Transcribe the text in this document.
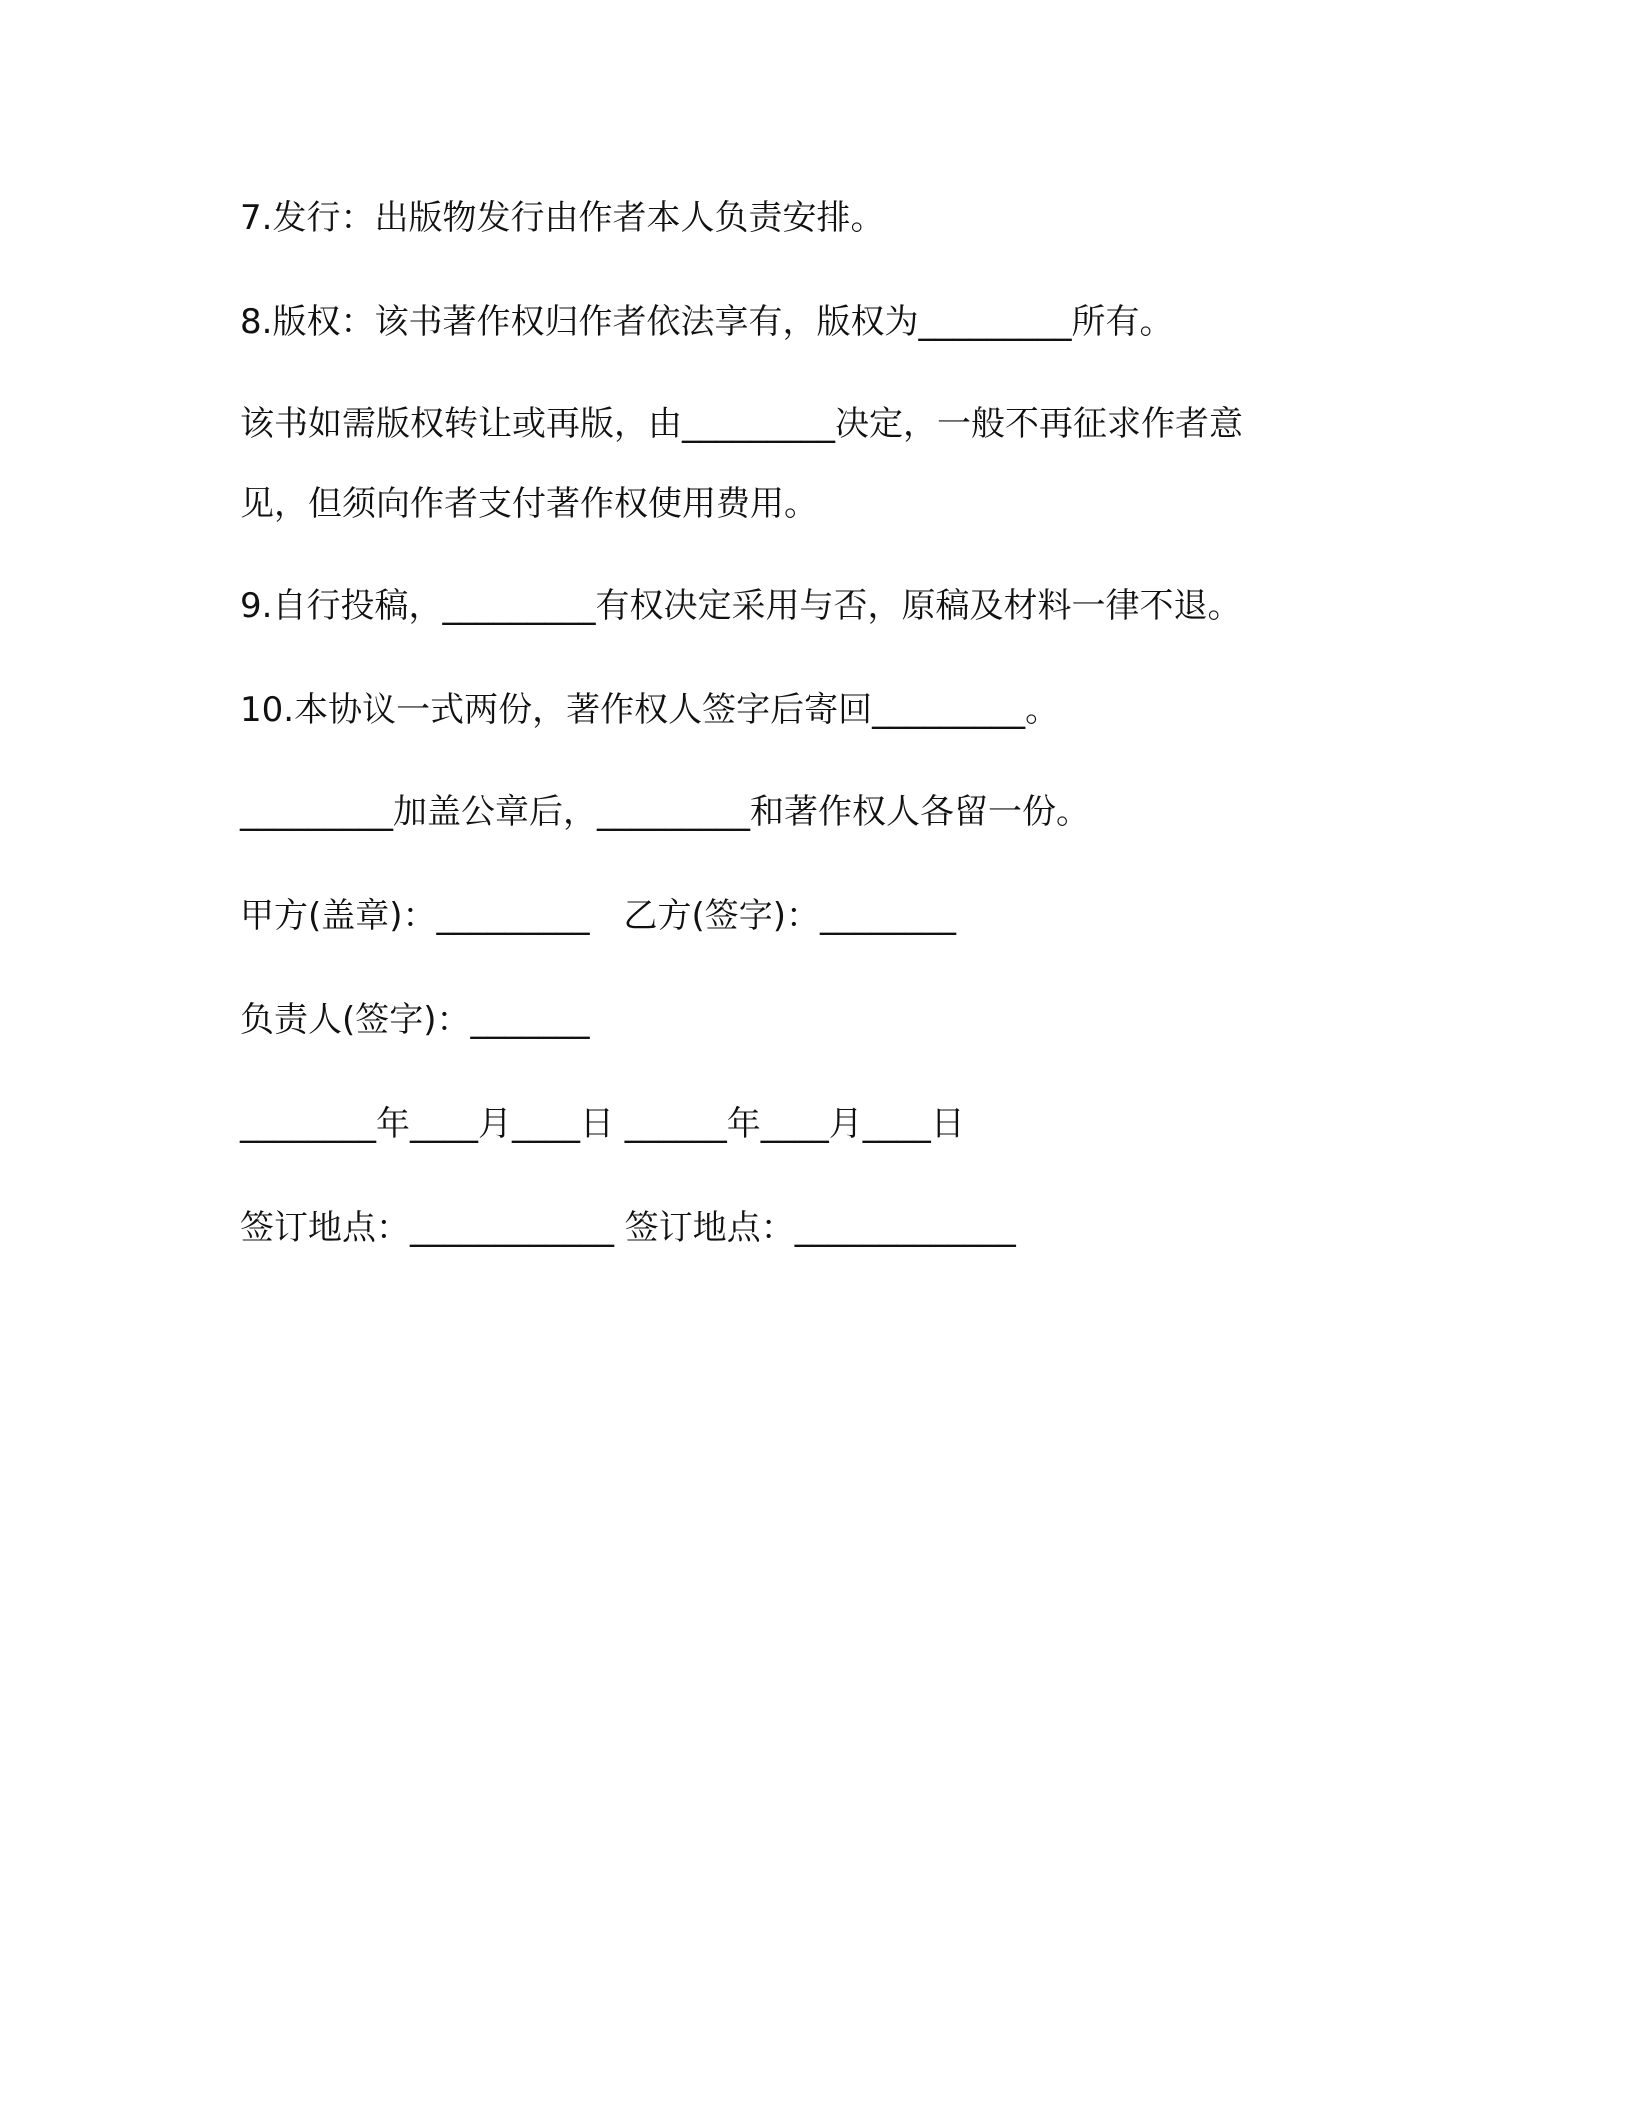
7.发行：出版物发行由作者本人负责安排。
8.版权：该书著作权归作者依法享有，版权为_________所有。
该书如需版权转让或再版，由_________决定，一般不再征求作者意
见，但须向作者支付著作权使用费用。
9.自行投稿，_________有权决定采用与否，原稿及材料一律不退。
10.本协议一式两份，著作权人签字后寄回_________。
_________加盖公章后，_________和著作权人各留一份。
甲方(盖章)：_________　乙方(签字)：________
负责人(签字)：_______
________年____月____日 ______年____月____日
签订地点：____________ 签订地点：_____________
